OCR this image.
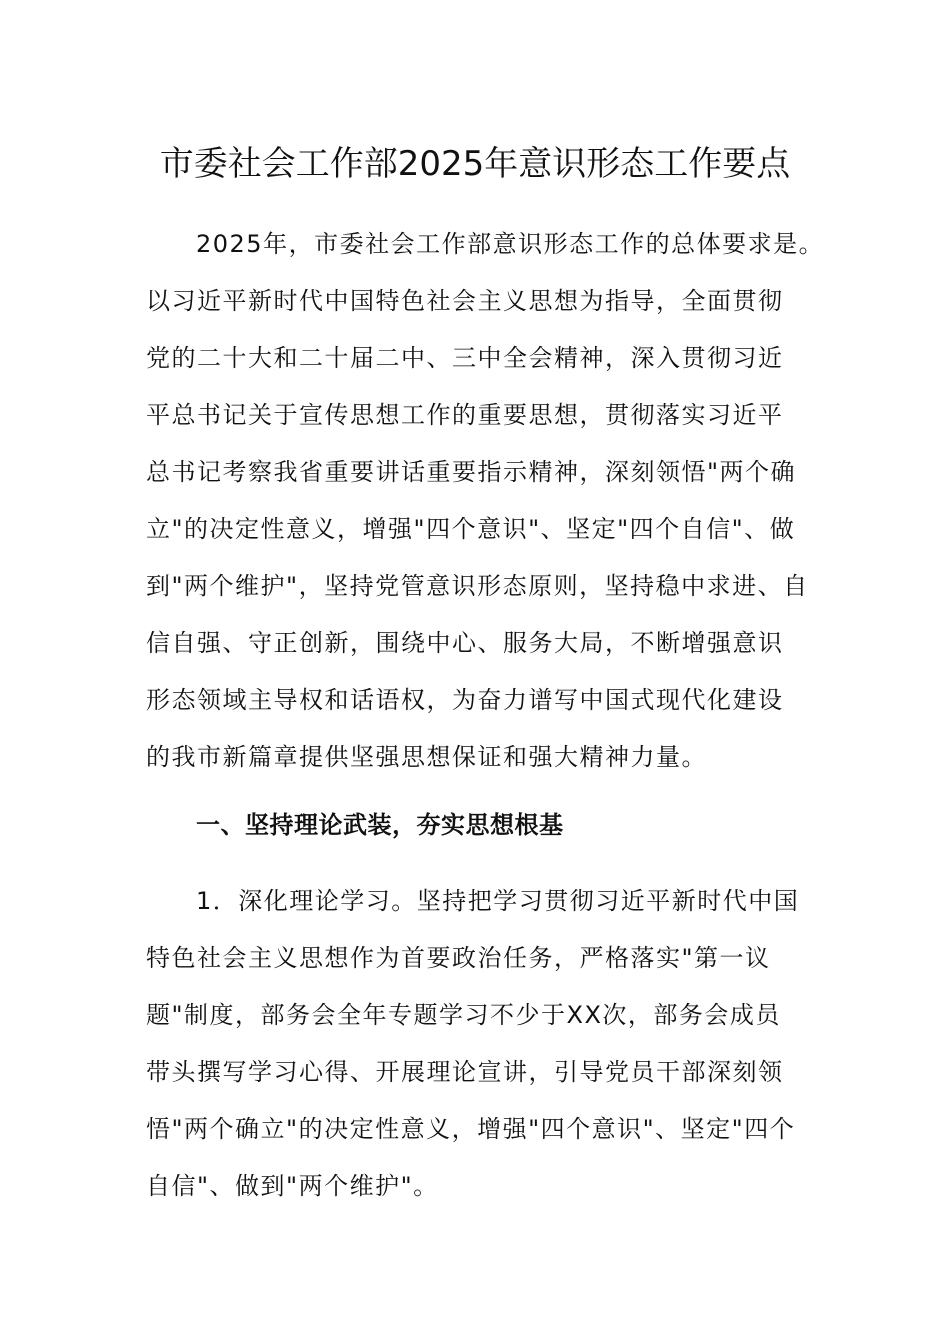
市委社会工作部2025年意识形态工作要点
2025年，市委社会工作部意识形态工作的总体要求是。
以习近平新时代中国特色社会主义思想为指导，全面贯彻
党的二十大和二十届二中、三中全会精神，深入贯彻习近
平总书记关于宣传思想工作的重要思想，贯彻落实习近平
总书记考察我省重要讲话重要指示精神，深刻领悟"两个确
立"的决定性意义，增强"四个意识"、坚定"四个自信"、做
到"两个维护"，坚持党管意识形态原则，坚持稳中求进、自
信自强、守正创新，围绕中心、服务大局，不断增强意识
形态领域主导权和话语权，为奋力谱写中国式现代化建设
的我市新篇章提供坚强思想保证和强大精神力量。
一、坚持理论武装，夯实思想根基
1．深化理论学习。坚持把学习贯彻习近平新时代中国
特色社会主义思想作为首要政治任务，严格落实"第一议
题"制度，部务会全年专题学习不少于XX次，部务会成员
带头撰写学习心得、开展理论宣讲，引导党员干部深刻领
悟"两个确立"的决定性意义，增强"四个意识"、坚定"四个
自信"、做到"两个维护"。
